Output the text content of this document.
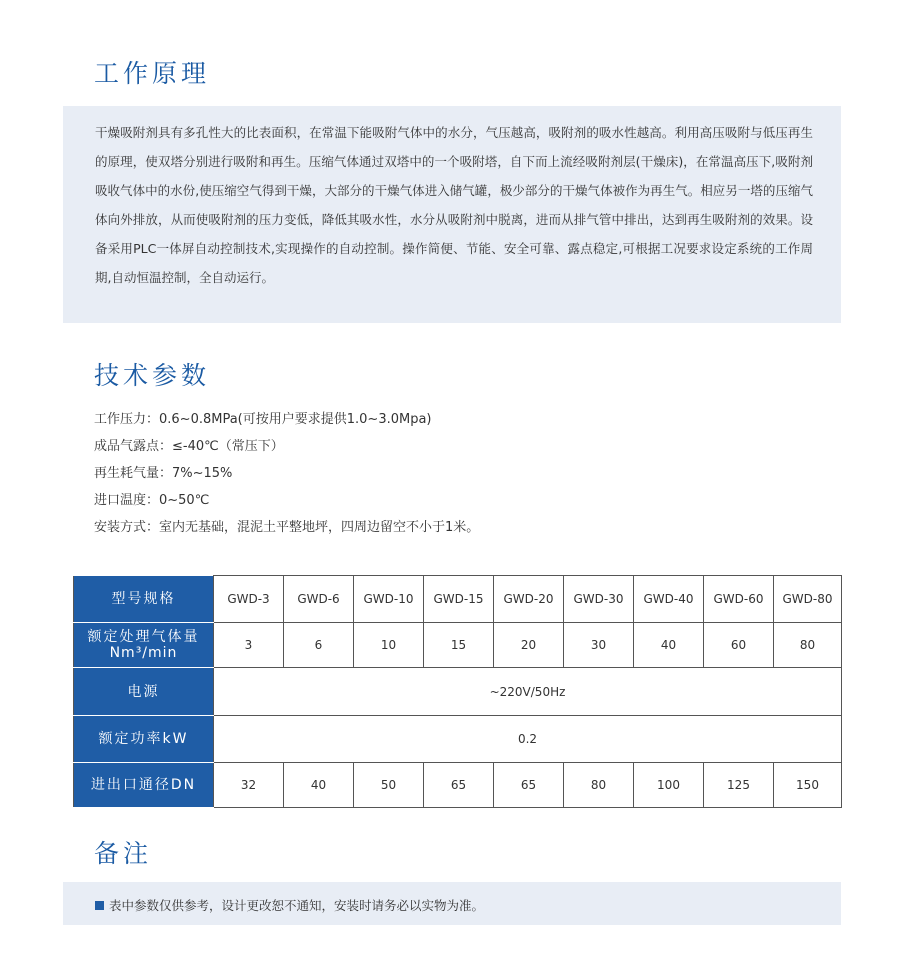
工作原理

干燥吸附剂具有多孔性大的比表面积，在常温下能吸附气体中的水分，气压越高，吸附剂的吸水性越高。利用高压吸附与低压再生的原理，使双塔分别进行吸附和再生。压缩气体通过双塔中的一个吸附塔，自下而上流经吸附剂层(干燥床)，在常温高压下,吸附剂吸收气体中的水份,使压缩空气得到干燥，大部分的干燥气体进入储气罐，极少部分的干燥气体被作为再生气。相应另一塔的压缩气体向外排放，从而使吸附剂的压力变低，降低其吸水性，水分从吸附剂中脱离，进而从排气管中排出，达到再生吸附剂的效果。设备采用PLC一体屏自动控制技术,实现操作的自动控制。操作简便、节能、安全可靠、露点稳定,可根据工况要求设定系统的工作周期,自动恒温控制，全自动运行。

技术参数
工作压力：0.6~0.8MPa(可按用户要求提供1.0~3.0Mpa)
成品气露点：≤-40℃（常压下）
再生耗气量：7%~15%
进口温度：0~50℃
安装方式：室内无基础，混泥土平整地坪，四周边留空不小于1米。
型号规格	GWD-3	GWD-6	GWD-10	GWD-15	GWD-20	GWD-30	GWD-40	GWD-60	GWD-80

额定处理气体量
Nm³/min	3	6	10	15	20	30	40	60	80
电源	~220V/50Hz								
额定功率kW	0.2								
进出口通径DN	32	40	50	65	65	80	100	125	150
备注
表中参数仅供参考，设计更改恕不通知，安装时请务必以实物为准。
